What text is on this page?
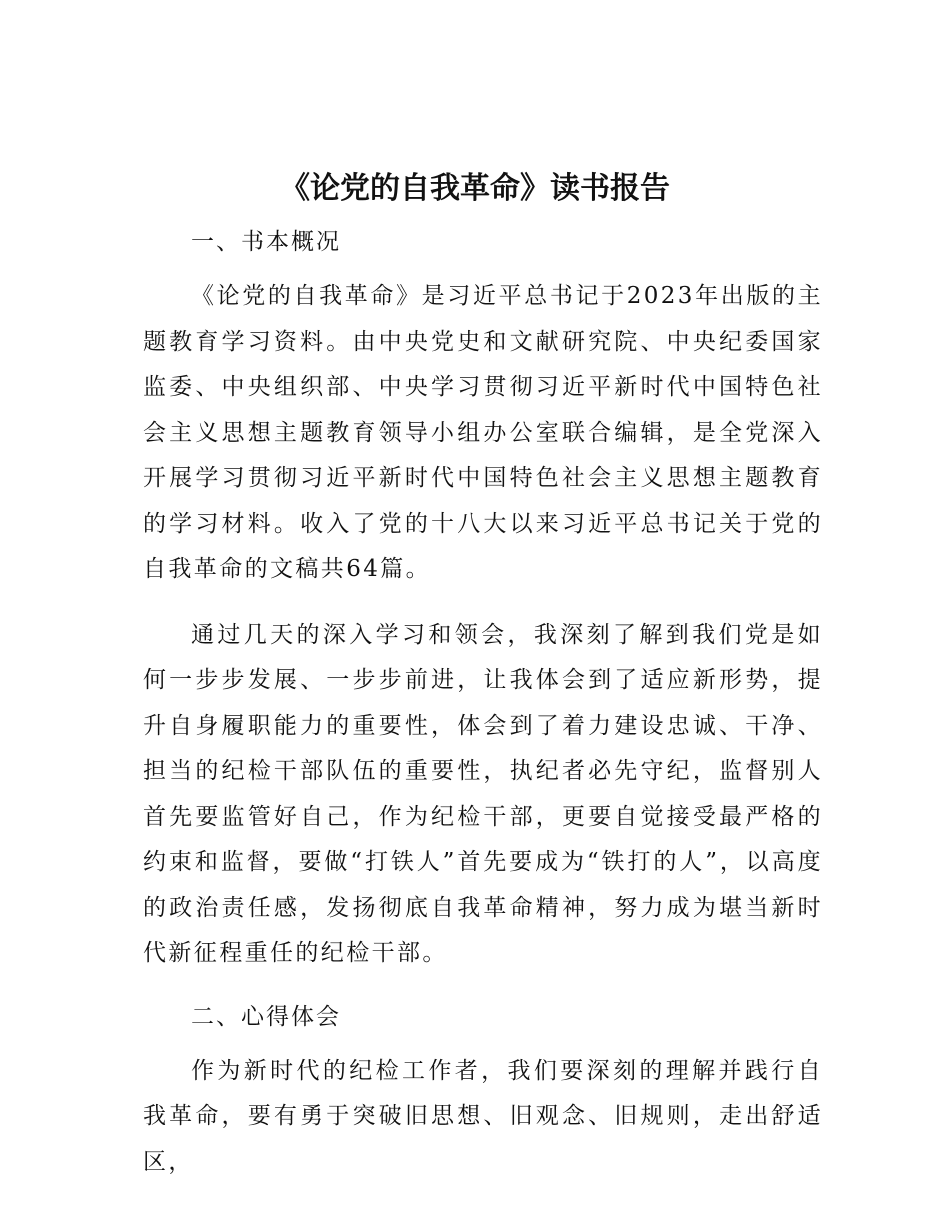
《论党的自我革命》读书报告

一、书本概况

《论党的自我革命》是习近平总书记于2023年出版的主题教育学习资料。由中央党史和文献研究院、中央纪委国家监委、中央组织部、中央学习贯彻习近平新时代中国特色社会主义思想主题教育领导小组办公室联合编辑，是全党深入开展学习贯彻习近平新时代中国特色社会主义思想主题教育的学习材料。收入了党的十八大以来习近平总书记关于党的自我革命的文稿共64篇。

通过几天的深入学习和领会，我深刻了解到我们党是如何一步步发展、一步步前进，让我体会到了适应新形势，提升自身履职能力的重要性，体会到了着力建设忠诚、干净、担当的纪检干部队伍的重要性，执纪者必先守纪，监督别人首先要监管好自己，作为纪检干部，更要自觉接受最严格的约束和监督，要做“打铁人”首先要成为“铁打的人”，以高度的政治责任感，发扬彻底自我革命精神，努力成为堪当新时代新征程重任的纪检干部。

二、心得体会

作为新时代的纪检工作者，我们要深刻的理解并践行自我革命，要有勇于突破旧思想、旧观念、旧规则，走出舒适区，
